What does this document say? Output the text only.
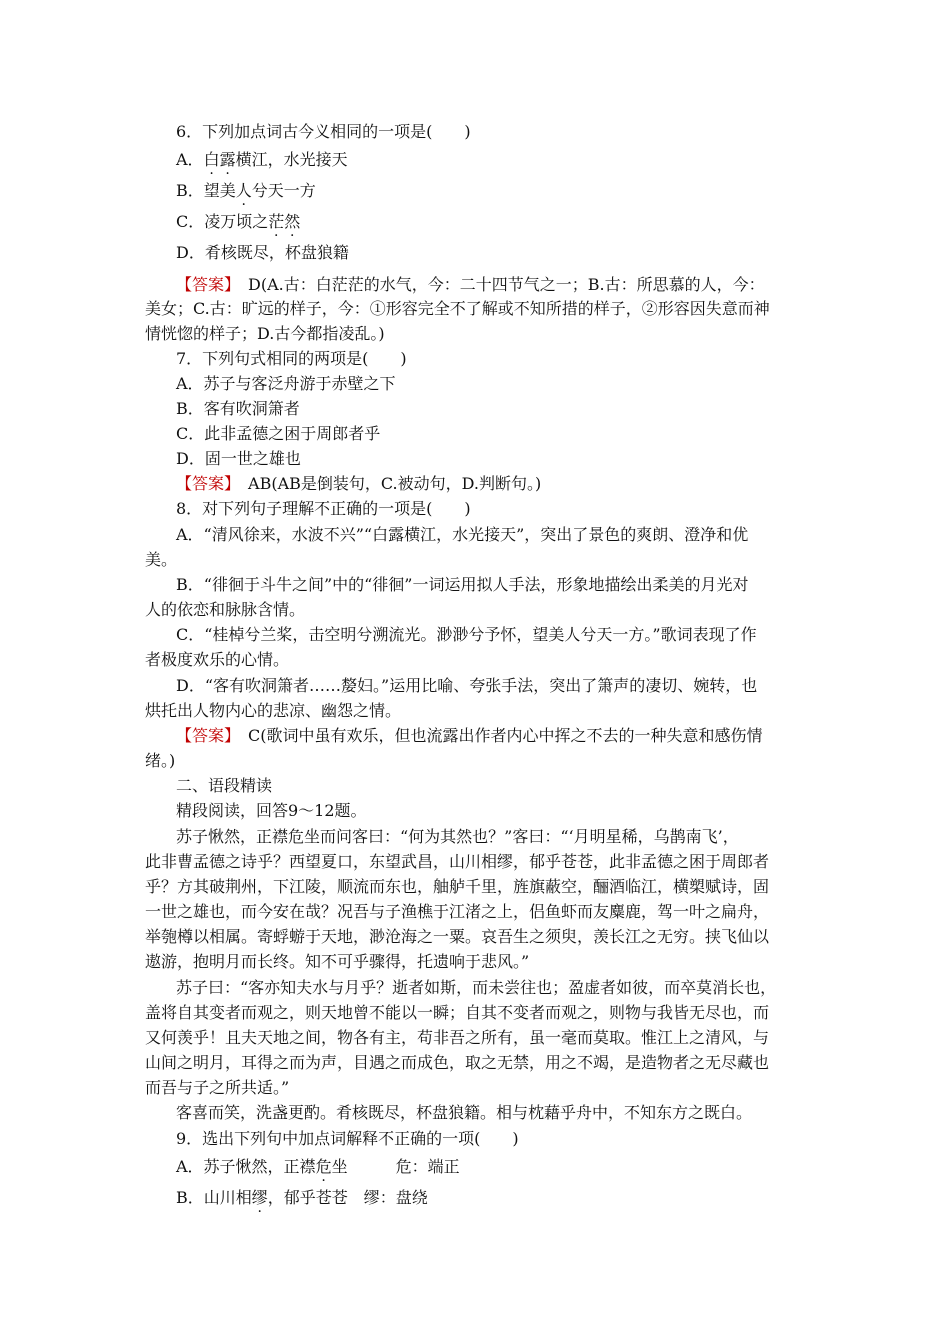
6．下列加点词古今义相同的一项是(　　)
A．白露横江，水光接天
B．望美人兮天一方
C．凌万顷之茫然
D．肴核既尽，杯盘狼籍
【答案】　D(A.古：白茫茫的水气，今：二十四节气之一；B.古：所思慕的人，今：
美女；C.古：旷远的样子，今：①形容完全不了解或不知所措的样子，②形容因失意而神
情恍惚的样子；D.古今都指凌乱。)
7．下列句式相同的两项是(　　)
A．苏子与客泛舟游于赤壁之下
B．客有吹洞箫者
C．此非孟德之困于周郎者乎
D．固一世之雄也
【答案】　AB(AB是倒装句，C.被动句，D.判断句。)
8．对下列句子理解不正确的一项是(　　)
A．“清风徐来，水波不兴”“白露横江，水光接天”，突出了景色的爽朗、澄净和优
美。
B．“徘徊于斗牛之间”中的“徘徊”一词运用拟人手法，形象地描绘出柔美的月光对
人的依恋和脉脉含情。
C．“桂棹兮兰桨，击空明兮溯流光。渺渺兮予怀，望美人兮天一方。”歌词表现了作
者极度欢乐的心情。
D．“客有吹洞箫者……嫠妇。”运用比喻、夸张手法，突出了箫声的凄切、婉转，也
烘托出人物内心的悲凉、幽怨之情。
【答案】　C(歌词中虽有欢乐，但也流露出作者内心中挥之不去的一种失意和感伤情
绪。)
二、语段精读
精段阅读，回答9～12题。
苏子愀然，正襟危坐而问客曰：“何为其然也？”客曰：“‘月明星稀，乌鹊南飞’，
此非曹孟德之诗乎？西望夏口，东望武昌，山川相缪，郁乎苍苍，此非孟德之困于周郎者
乎？方其破荆州，下江陵，顺流而东也，舳舻千里，旌旗蔽空，酾酒临江，横槊赋诗，固
一世之雄也，而今安在哉？况吾与子渔樵于江渚之上，侣鱼虾而友麋鹿，驾一叶之扁舟，
举匏樽以相属。寄蜉蝣于天地，渺沧海之一粟。哀吾生之须臾，羡长江之无穷。挟飞仙以
遨游，抱明月而长终。知不可乎骤得，托遗响于悲风。”
苏子曰：“客亦知夫水与月乎？逝者如斯，而未尝往也；盈虚者如彼，而卒莫消长也，
盖将自其变者而观之，则天地曾不能以一瞬；自其不变者而观之，则物与我皆无尽也，而
又何羡乎！且夫天地之间，物各有主，苟非吾之所有，虽一毫而莫取。惟江上之清风，与
山间之明月，耳得之而为声，目遇之而成色，取之无禁，用之不竭，是造物者之无尽藏也
而吾与子之所共适。”
客喜而笑，洗盏更酌。肴核既尽，杯盘狼籍。相与枕藉乎舟中，不知东方之既白。
9．选出下列句中加点词解释不正确的一项(　　)
A．苏子愀然，正襟危坐　　　危：端正
B．山川相缪，郁乎苍苍　缪：盘绕
